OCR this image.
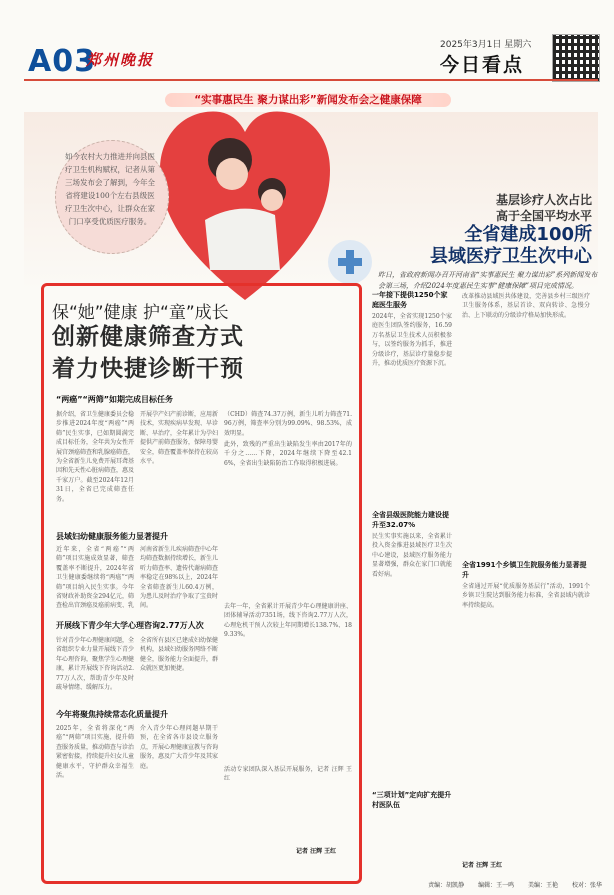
A03
郑州晚报
2025年3月1日 星期六
今日看点
“实事惠民生 聚力谋出彩”新闻发布会之健康保障
如今农村大力推进并向县医疗卫生机构赋权，记者从第三场发布会了解到，今年全省将建设100个左右县级医疗卫生次中心，让群众在家门口享受优质医疗服务。
基层诊疗人次占比
高于全国平均水平
全省建成100所
县域医疗卫生次中心
昨日，省政府新闻办召开河南省“实事惠民生 聚力谋出彩”系列新闻发布会第三场，介绍2024年度惠民生实事“健康保障”项目完成情况。
保“她”健康 护“童”成长
创新健康筛查方式
着力快捷诊断干预
“两癌”“两筛”如期完成目标任务
据介绍，省卫生健康委员会稳步推进2024年度“两癌”“两筛”民生实事，已如期圆满完成目标任务，全年共为女性开展宫颈癌筛查和乳腺癌筛查，为全省新生儿免费开展耳聋基因和先天性心脏病筛查，惠及千家万户。截至2024年12月31日，全省已完成筛查任务。
开展孕产妇产前诊断，应用新技术，实现疾病早发现、早诊断、早治疗，全年累计为孕妇提供产前筛查服务，保障母婴安全，筛查覆盖率保持在较高水平。
（CHD）筛查74.37万例，新生儿听力筛查71.96万例，筛查率分别为99.09%、98.53%，成效明显。
此外，致残的严重出生缺陷发生率由2017年的千分之……下降，2024年继续下降至42.16%，全省出生缺陷防治工作取得积极进展。
县域妇幼健康服务能力显著提升
近年来，全省“两癌”“两筛”项目实施成效显著，筛查覆盖率不断提升，2024年省卫生健康委继续将“两癌”“两筛”项目纳入民生实事。今年省财政补助资金294亿元，筛查检出宫颈癌及癌前病变、乳
河南省新生儿疾病筛查中心年均筛查数据持续增长，新生儿听力筛查率、遗传代谢病筛查率稳定在98%以上，2024年全省筛查新生儿60.4万例，为患儿及时治疗争取了宝贵时间。
开展线下青少年大学心理咨询2.77万人次
针对青少年心理健康问题，全省组织专业力量开展线下青少年心理咨询，聚焦学生心理健康，累计开展线下咨询活动2.77万人次，帮助青少年及时疏导情绪、缓解压力。
全省所有县区已建成妇幼保健机构，县域妇幼服务网络不断健全，服务能力全面提升，群众就医更加便捷。
去年一年，全省累计开展青少年心理健康讲座、团体辅导活动7351场，线下咨询2.77万人次，心理危机干预人次较上年同期增长138.7%、189.33%。
今年将聚焦持续常态化质量提升
2025年，全省将深化“两癌”“两筛”项目实施，提升筛查服务质量，推动筛查与诊治紧密衔接，持续提升妇女儿童健康水平，守护群众幸福生活。
介入青少年心理问题早期干预，在全省各市县设立服务点，开展心理健康宣教与咨询服务，惠及广大青少年及其家庭。	活动专家团队深入基层开展服务，记者 汪辉 王红
记者 汪辉 王红
一年接下提供1250个家庭医生服务
2024年，全省实现1250个家庭医生团队签约服务，16.59万名基层卫生技术人员积极参与，以签约服务为抓手，推进分级诊疗，基层诊疗量稳步提升，推动优质医疗资源下沉。
全省县级医院能力建设提升至32.07%
民生实事实施以来，全省累计投入资金推进县域医疗卫生次中心建设，县域医疗服务能力显著增强，群众在家门口就能看好病。
“三项计划”定向扩充提升村医队伍
改革推动县域医共体建设，完善县乡村三级医疗卫生服务体系，基层首诊、双向转诊、急慢分治、上下联动的分级诊疗格局加快形成。
全省1991个乡镇卫生院服务能力显著提升
全省通过开展“优质服务基层行”活动，1991个乡镇卫生院达到服务能力标准，全省县域内就诊率持续提高。
记者 汪辉 王红
责编：胡凯静 编辑：王一鸣 美编：王艳 校对：张华
